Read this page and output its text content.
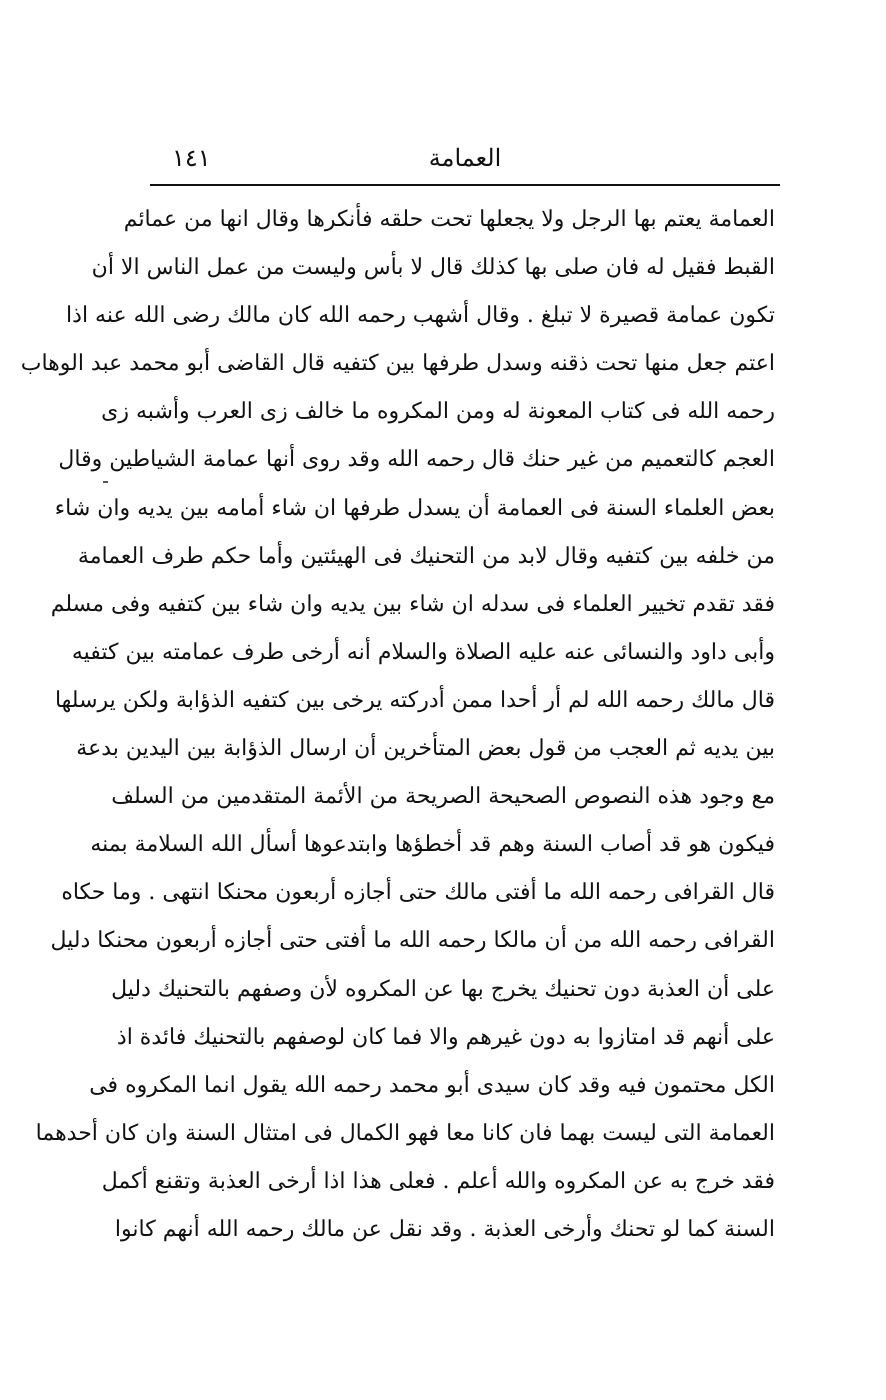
العمامة
١٤١
العمامة يعتم بها الرجل ولا يجعلها تحت حلقه فأنكرها وقال انها من عمائم
القبط فقيل له فان صلى بها كذلك قال لا بأس وليست من عمل الناس الا أن
تكون عمامة قصيرة لا تبلغ . وقال أشهب رحمه الله كان مالك رضى الله عنه اذا
اعتم جعل منها تحت ذقنه وسدل طرفها بين كتفيه قال القاضى أبو محمد عبد الوهاب
رحمه الله فى كتاب المعونة له ومن المكروه ما خالف زى العرب وأشبه زى
العجم كالتعميم من غير حنك قال رحمه الله وقد روى أنها عمامة الشياطين وقال
بعض العلماء السنة فى العمامة أن يسدل طرفها ان شاء أمامه بين يديه وان شاء
من خلفه بين كتفيه وقال لابد من التحنيك فى الهيئتين وأما حكم طرف العمامة
فقد تقدم تخيير العلماء فى سدله ان شاء بين يديه وان شاء بين كتفيه وفى مسلم
وأبى داود والنسائى عنه عليه الصلاة والسلام أنه أرخى طرف عمامته بين كتفيه
قال مالك رحمه الله لم أر أحدا ممن أدركته يرخى بين كتفيه الذؤابة ولكن يرسلها
بين يديه ثم العجب من قول بعض المتأخرين أن ارسال الذؤابة بين اليدين بدعة
مع وجود هذه النصوص الصحيحة الصريحة من الأئمة المتقدمين من السلف
فيكون هو قد أصاب السنة وهم قد أخطؤها وابتدعوها أسأل الله السلامة بمنه
قال القرافى رحمه الله ما أفتى مالك حتى أجازه أربعون محنكا انتهى . وما حكاه
القرافى رحمه الله من أن مالكا رحمه الله ما أفتى حتى أجازه أربعون محنكا دليل
على أن العذبة دون تحنيك يخرج بها عن المكروه لأن وصفهم بالتحنيك دليل
على أنهم قد امتازوا به دون غيرهم والا فما كان لوصفهم بالتحنيك فائدة اذ
الكل محتمون فيه وقد كان سيدى أبو محمد رحمه الله يقول انما المكروه فى
العمامة التى ليست بهما فان كانا معا فهو الكمال فى امتثال السنة وان كان أحدهما
فقد خرج به عن المكروه والله أعلم . فعلى هذا اذا أرخى العذبة وتقنع أكمل
السنة كما لو تحنك وأرخى العذبة . وقد نقل عن مالك رحمه الله أنهم كانوا
